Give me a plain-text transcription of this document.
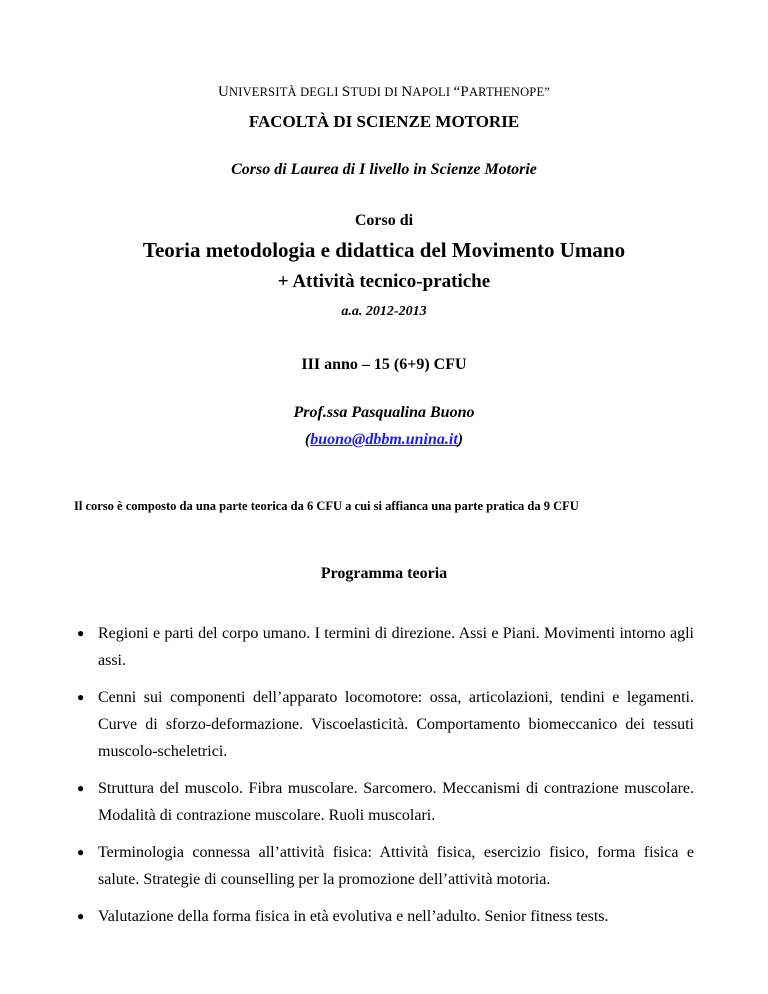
UNIVERSITÀ DEGLI STUDI DI NAPOLI “PARTHENOPE”
FACOLTÀ DI SCIENZE MOTORIE
Corso di Laurea di I livello in Scienze Motorie
Corso di
Teoria metodologia e didattica del Movimento Umano
+ Attività tecnico-pratiche
a.a. 2012-2013
III anno – 15 (6+9) CFU
Prof.ssa Pasqualina Buono
(buono@dbbm.unina.it)
Il corso è composto da una parte teorica da 6 CFU a cui si affianca una parte pratica da 9 CFU
Programma teoria
● Regioni e parti del corpo umano. I termini di direzione. Assi e Piani. Movimenti intorno agli assi.
● Cenni sui componenti dell’apparato locomotore: ossa, articolazioni, tendini e legamenti. Curve di sforzo-deformazione. Viscoelasticità. Comportamento biomeccanico dei tessuti muscolo-scheletrici.
● Struttura del muscolo. Fibra muscolare. Sarcomero. Meccanismi di contrazione muscolare. Modalità di contrazione muscolare. Ruoli muscolari.
● Terminologia connessa all’attività fisica: Attività fisica, esercizio fisico, forma fisica e salute. Strategie di counselling per la promozione dell’attività motoria.
● Valutazione della forma fisica in età evolutiva e nell’adulto. Senior fitness tests.
